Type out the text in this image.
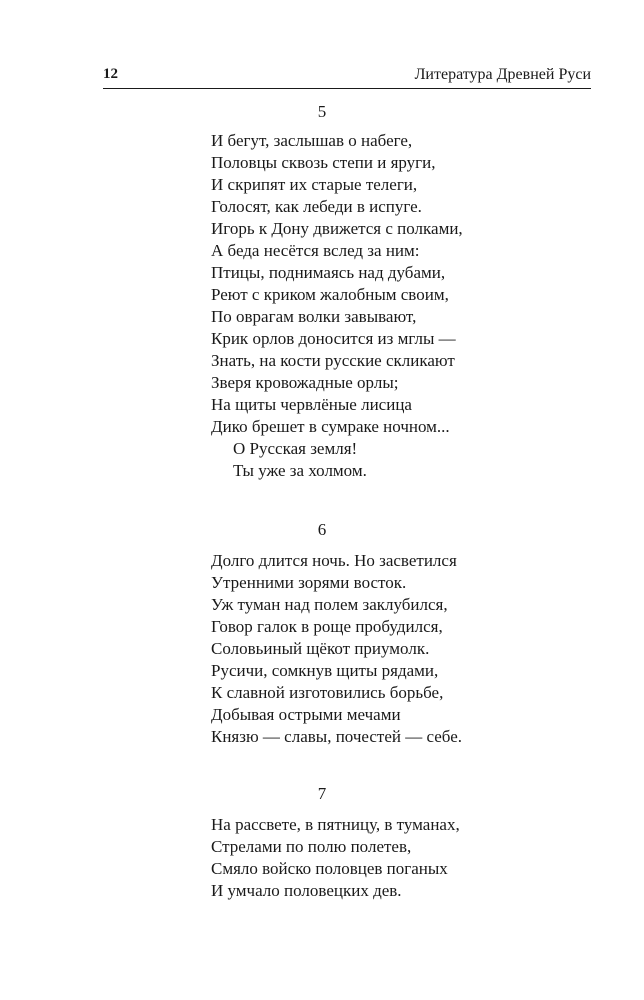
12	Литература Древней Руси
5
И бегут, заслышав о набеге,
Половцы сквозь степи и яруги,
И скрипят их старые телеги,
Голосят, как лебеди в испуге.
Игорь к Дону движется с полками,
А беда несётся вслед за ним:
Птицы, поднимаясь над дубами,
Реют с криком жалобным своим,
По оврагам волки завывают,
Крик орлов доносится из мглы —
Знать, на кости русские скликают
Зверя кровожадные орлы;
На щиты червлёные лисица
Дико брешет в сумраке ночном...
О Русская земля!
Ты уже за холмом.
6
Долго длится ночь. Но засветился
Утренними зорями восток.
Уж туман над полем заклубился,
Говор галок в роще пробудился,
Соловьиный щёкот приумолк.
Русичи, сомкнув щиты рядами,
К славной изготовились борьбе,
Добывая острыми мечами
Князю — славы, почестей — себе.
7
На рассвете, в пятницу, в туманах,
Стрелами по полю полетев,
Смяло войско половцев поганых
И умчало половецких дев.
